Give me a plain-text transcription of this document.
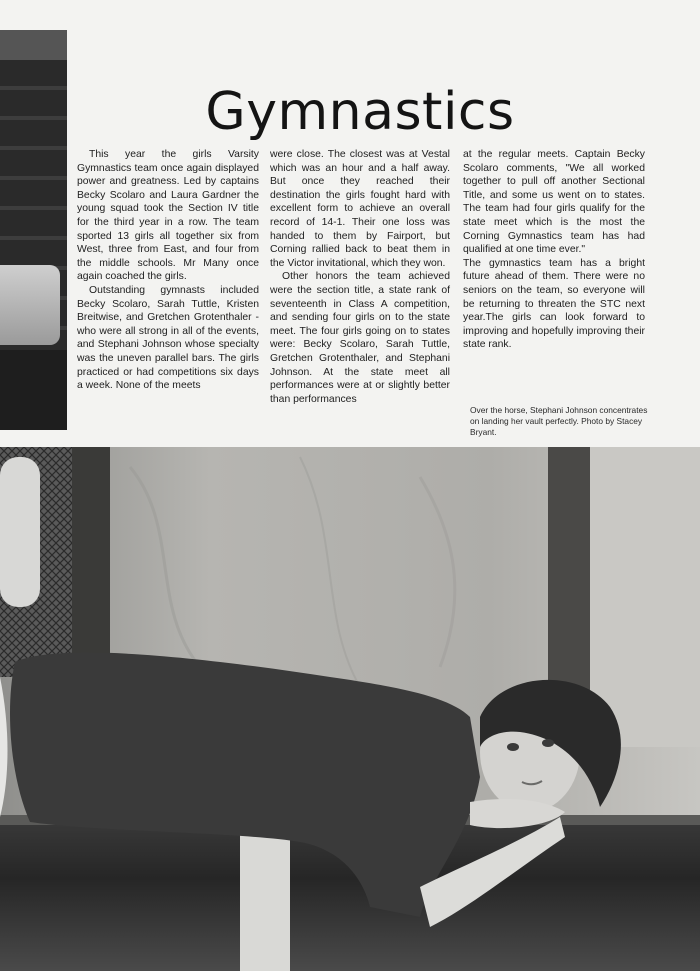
Gymnastics

This year the girls Varsity Gymnastics team once again displayed power and greatness. Led by captains Becky Scolaro and Laura Gardner the young squad took the Section IV title for the third year in a row. The team sported 13 girls all together six from West, three from East, and four from the middle schools. Mr Many once again coached the girls.

Outstanding gymnasts included Becky Scolaro, Sarah Tuttle, Kristen Breitwise, and Gretchen Grotenthaler - who were all strong in all of the events, and Stephani Johnson whose specialty was the uneven parallel bars. The girls practiced or had competitions six days a week. None of the meets

were close. The closest was at Vestal which was an hour and a half away. But once they reached their destination the girls fought hard with excellent form to achieve an overall record of 14-1. Their one loss was handed to them by Fairport, but Corning rallied back to beat them in the Victor invitational, which they won.

Other honors the team achieved were the section title, a state rank of seventeenth in Class A competition, and sending four girls on to the state meet. The four girls going on to states were: Becky Scolaro, Sarah Tuttle, Gretchen Grotenthaler, and Stephani Johnson. At the state meet all performances were at or slightly better than performances

at the regular meets. Captain Becky Scolaro comments, "We all worked together to pull off another Sectional Title, and some us went on to states. The team had four girls qualify for the state meet which is the most the Corning Gymnastics team has had qualified at one time ever."

The gymnastics team has a bright future ahead of them. There were no seniors on the team, so everyone will be returning to threaten the STC next year.The girls can look forward to improving and hopefully improving their state rank.

Over the horse, Stephani Johnson concentrates on landing her vault perfectly. Photo by Stacey Bryant.
